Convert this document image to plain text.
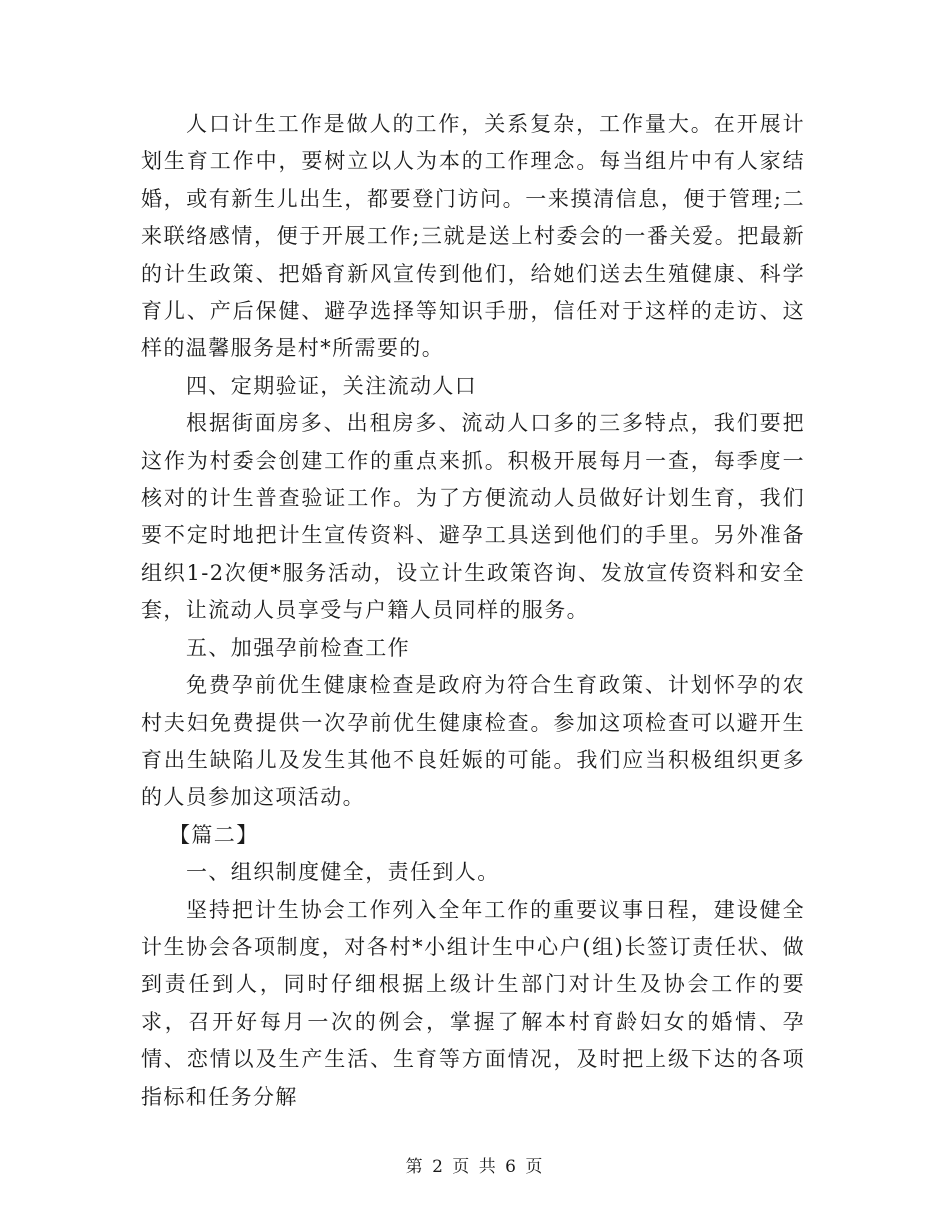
人口计生工作是做人的工作，关系复杂，工作量大。在开展计划生育工作中，要树立以人为本的工作理念。每当组片中有人家结婚，或有新生儿出生，都要登门访问。一来摸清信息，便于管理;二来联络感情，便于开展工作;三就是送上村委会的一番关爱。把最新的计生政策、把婚育新风宣传到他们，给她们送去生殖健康、科学育儿、产后保健、避孕选择等知识手册，信任对于这样的走访、这样的温馨服务是村*所需要的。

四、定期验证，关注流动人口

根据街面房多、出租房多、流动人口多的三多特点，我们要把这作为村委会创建工作的重点来抓。积极开展每月一查，每季度一核对的计生普查验证工作。为了方便流动人员做好计划生育，我们要不定时地把计生宣传资料、避孕工具送到他们的手里。另外准备组织1-2次便*服务活动，设立计生政策咨询、发放宣传资料和安全套，让流动人员享受与户籍人员同样的服务。

五、加强孕前检查工作

免费孕前优生健康检查是政府为符合生育政策、计划怀孕的农村夫妇免费提供一次孕前优生健康检查。参加这项检查可以避开生育出生缺陷儿及发生其他不良妊娠的可能。我们应当积极组织更多的人员参加这项活动。

【篇二】

一、组织制度健全，责任到人。

坚持把计生协会工作列入全年工作的重要议事日程，建设健全计生协会各项制度，对各村*小组计生中心户(组)长签订责任状、做到责任到人，同时仔细根据上级计生部门对计生及协会工作的要求，召开好每月一次的例会，掌握了解本村育龄妇女的婚情、孕情、恋情以及生产生活、生育等方面情况，及时把上级下达的各项指标和任务分解

第 2 页 共 6 页
